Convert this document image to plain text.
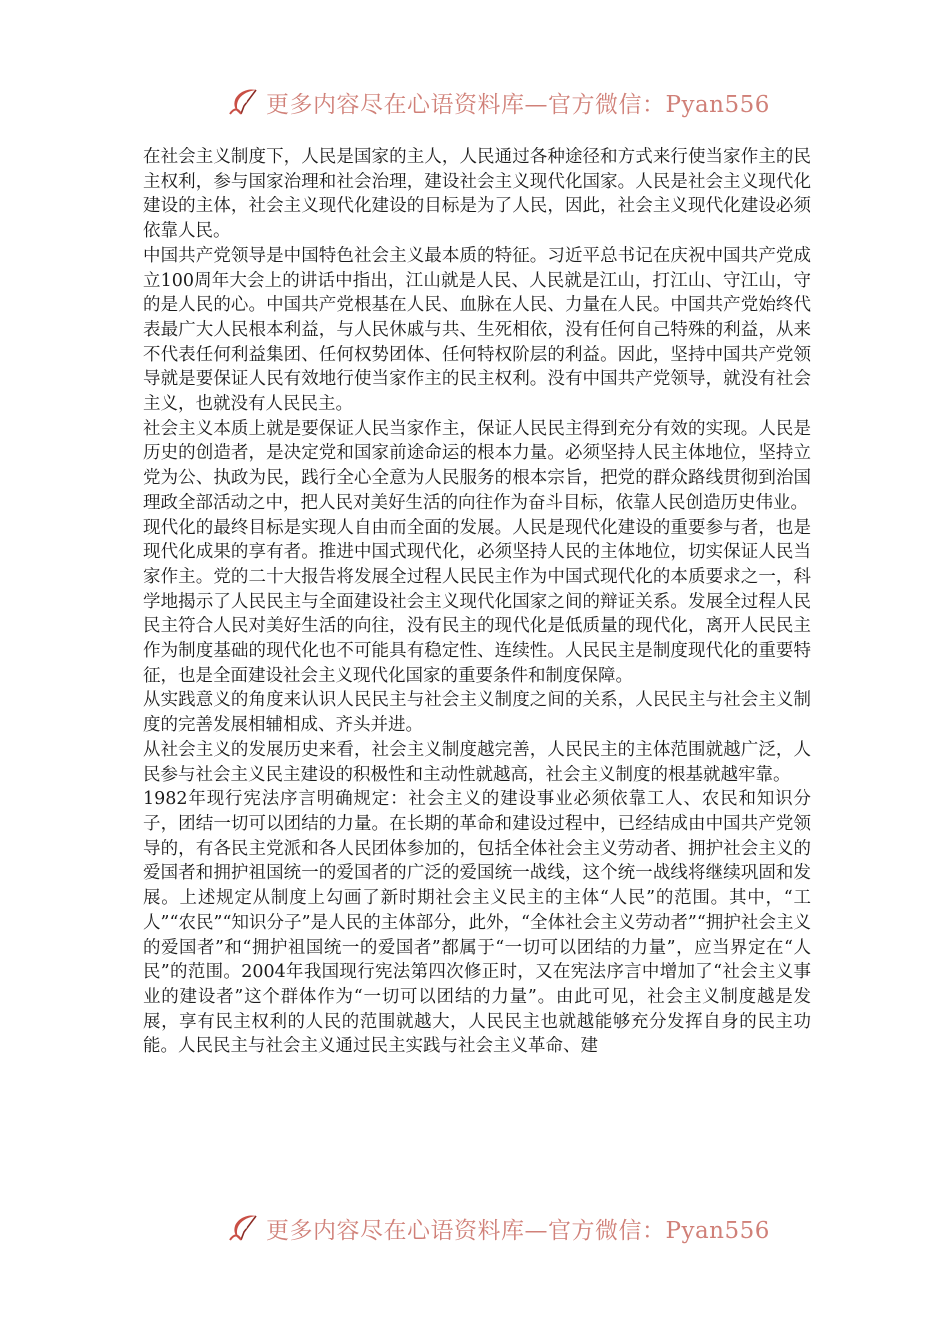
更多内容尽在心语资料库—官方微信：Pyan556

在社会主义制度下，人民是国家的主人，人民通过各种途径和方式来行使当家作主的民主权利，参与国家治理和社会治理，建设社会主义现代化国家。人民是社会主义现代化建设的主体，社会主义现代化建设的目标是为了人民，因此，社会主义现代化建设必须依靠人民。

中国共产党领导是中国特色社会主义最本质的特征。习近平总书记在庆祝中国共产党成立100周年大会上的讲话中指出，江山就是人民、人民就是江山，打江山、守江山，守的是人民的心。中国共产党根基在人民、血脉在人民、力量在人民。中国共产党始终代表最广大人民根本利益，与人民休戚与共、生死相依，没有任何自己特殊的利益，从来不代表任何利益集团、任何权势团体、任何特权阶层的利益。因此，坚持中国共产党领导就是要保证人民有效地行使当家作主的民主权利。没有中国共产党领导，就没有社会主义，也就没有人民民主。

社会主义本质上就是要保证人民当家作主，保证人民民主得到充分有效的实现。人民是历史的创造者，是决定党和国家前途命运的根本力量。必须坚持人民主体地位，坚持立党为公、执政为民，践行全心全意为人民服务的根本宗旨，把党的群众路线贯彻到治国理政全部活动之中，把人民对美好生活的向往作为奋斗目标，依靠人民创造历史伟业。

现代化的最终目标是实现人自由而全面的发展。人民是现代化建设的重要参与者，也是现代化成果的享有者。推进中国式现代化，必须坚持人民的主体地位，切实保证人民当家作主。党的二十大报告将发展全过程人民民主作为中国式现代化的本质要求之一，科学地揭示了人民民主与全面建设社会主义现代化国家之间的辩证关系。发展全过程人民民主符合人民对美好生活的向往，没有民主的现代化是低质量的现代化，离开人民民主作为制度基础的现代化也不可能具有稳定性、连续性。人民民主是制度现代化的重要特征，也是全面建设社会主义现代化国家的重要条件和制度保障。

从实践意义的角度来认识人民民主与社会主义制度之间的关系，人民民主与社会主义制度的完善发展相辅相成、齐头并进。

从社会主义的发展历史来看，社会主义制度越完善，人民民主的主体范围就越广泛，人民参与社会主义民主建设的积极性和主动性就越高，社会主义制度的根基就越牢靠。

1982年现行宪法序言明确规定：社会主义的建设事业必须依靠工人、农民和知识分子，团结一切可以团结的力量。在长期的革命和建设过程中，已经结成由中国共产党领导的，有各民主党派和各人民团体参加的，包括全体社会主义劳动者、拥护社会主义的爱国者和拥护祖国统一的爱国者的广泛的爱国统一战线，这个统一战线将继续巩固和发展。上述规定从制度上勾画了新时期社会主义民主的主体“人民”的范围。其中，“工人”“农民”“知识分子”是人民的主体部分，此外，“全体社会主义劳动者”“拥护社会主义的爱国者”和“拥护祖国统一的爱国者”都属于“一切可以团结的力量”，应当界定在“人民”的范围。2004年我国现行宪法第四次修正时，又在宪法序言中增加了“社会主义事业的建设者”这个群体作为“一切可以团结的力量”。由此可见，社会主义制度越是发展，享有民主权利的人民的范围就越大，人民民主也就越能够充分发挥自身的民主功能。人民民主与社会主义通过民主实践与社会主义革命、建

更多内容尽在心语资料库—官方微信：Pyan556
